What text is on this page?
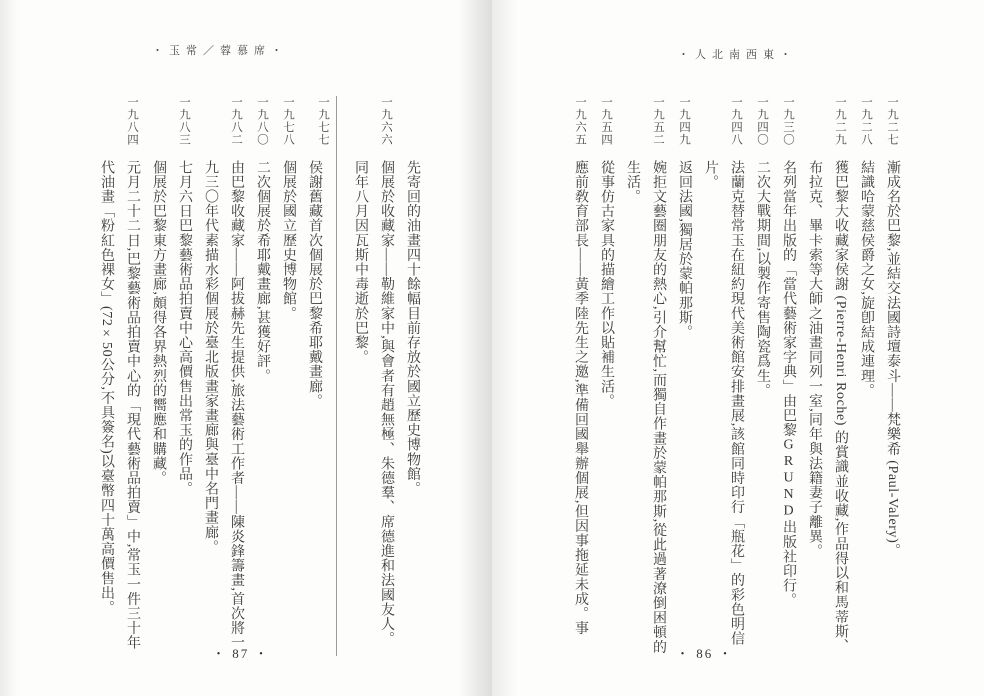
・玉常／蓉慕席・

先寄回的油畫四十餘幅目前存放於國立歷史博物館。

一九六六

個展於收藏家——勒維家中,與會者有趙無極、朱德羣、席德進和法國友人。

同年八月因瓦斯中毒逝於巴黎。

一九七七

侯謝舊藏首次個展於巴黎希耶戴畫廊。

一九七八

個展於國立歷史博物館。

一九八〇

二次個展於希耶戴畫廊,甚獲好評。

一九八二

由巴黎收藏家——阿拔赫先生提供,旅法藝術工作者——陳炎鋒籌畫,首次將一九三〇年代素描水彩個展於臺北版畫家畫廊與臺中名門畫廊。

一九八三

七月六日巴黎藝術品拍賣中心高價售出常玉的作品。

個展於巴黎東方畫廊,頗得各界熱烈的嚮應和購藏。

一九八四

元月二十二日,巴黎藝術品拍賣中心的「現代藝術品拍賣」中,常玉一件三十年代油畫「粉紅色裸女」(72×50公分,不具簽名)以臺幣四十萬高價售出。

・ 87 ・
・人北南西東・
一九二七

漸成名於巴黎,並結交法國詩壇泰斗——梵樂希 (Paul-Valery)。

一九二八

結識哈蒙慈侯爵之女,旋卽結成連理。

一九二九

獲巴黎大收藏家侯謝 (Pierre-Henri Roche) 的賞識並收藏,作品得以和馬蒂斯、布拉克、畢卡索等大師之油畫同列一室,同年與法籍妻子離異。

一九三〇

名列當年出版的「當代藝術家字典」由巴黎GRUND出版社印行。

一九四〇

二次大戰期間,以製作寄售陶瓷爲生。

一九四八

法蘭克替常玉在紐約現代美術館安排畫展,該館同時印行「瓶花」的彩色明信片。

一九四九

返回法國,獨居於蒙帕那斯。

一九五二

婉拒文藝圈朋友的熱心,引介幫忙,而獨自作畫於蒙帕那斯,從此過著潦倒困頓的生活。

一九五四

從事仿古家具的描繪工作以貼補生活。

一九六五

應前敎育部長——黃季陸先生之邀,準備回國舉辦個展,但因事拖延未成。事

・ 86 ・
